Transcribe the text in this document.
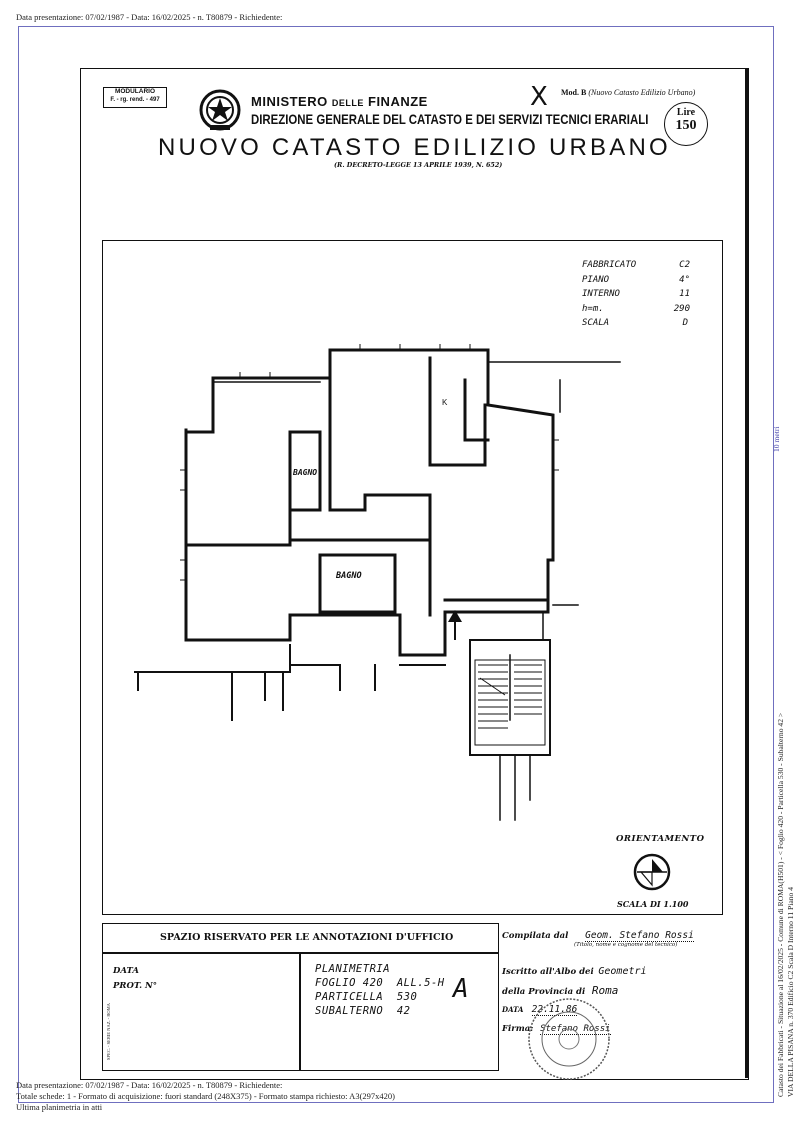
Data presentazione: 07/02/1987 - Data: 16/02/2025 - n. T80879 - Richiedente:
10 metri
MODULARIO
F. - rg. rend. - 497	MINISTERO DELLE FINANZE
DIREZIONE GENERALE DEL CATASTO E DEI SERVIZI TECNICI ERARIALI
X Mod. B (Nuovo Catasto Edilizio Urbano)
Lire
150
NUOVO CATASTO EDILIZIO URBANO
(R. DECRETO-LEGGE 13 APRILE 1939, N. 652)
FABBRICATO	C2
PIANO	4°
INTERNO	11
h=m.	290
SCALA	D
K
BAGNO
BAGNO
ORIENTAMENTO
SCALA DI 1.100
SPAZIO RISERVATO PER LE ANNOTAZIONI D'UFFICIO
DATA
PROT. N°
SPEC. - SERIE NAZ. - ROMA
PLANIMETRIA
FOGLIO 420  ALL.5-H
PARTICELLA  530
SUBALTERNO  42
A
Compilata dal Geom. Stefano Rossi
(Titolo, nome e cognome del tecnico)
Iscritto all'Albo dei Geometri
della Provincia di Roma
DATA 22.11.86
Firma: Stefano Rossi	Catasto dei Fabbricati - Situazione al 16/02/2025 - Comune di ROMA(H501) - < Foglio 420 - Particella 530 - Subalterno 42 > VIA DELLA PISANA n. 370 Edificio C2 Scala D Interno 11 Piano 4
Data presentazione: 07/02/1987 - Data: 16/02/2025 - n. T80879 - Richiedente:
Totale schede: 1 - Formato di acquisizione: fuori standard (248X375) - Formato stampa richiesto: A3(297x420)
Ultima planimetria in atti
